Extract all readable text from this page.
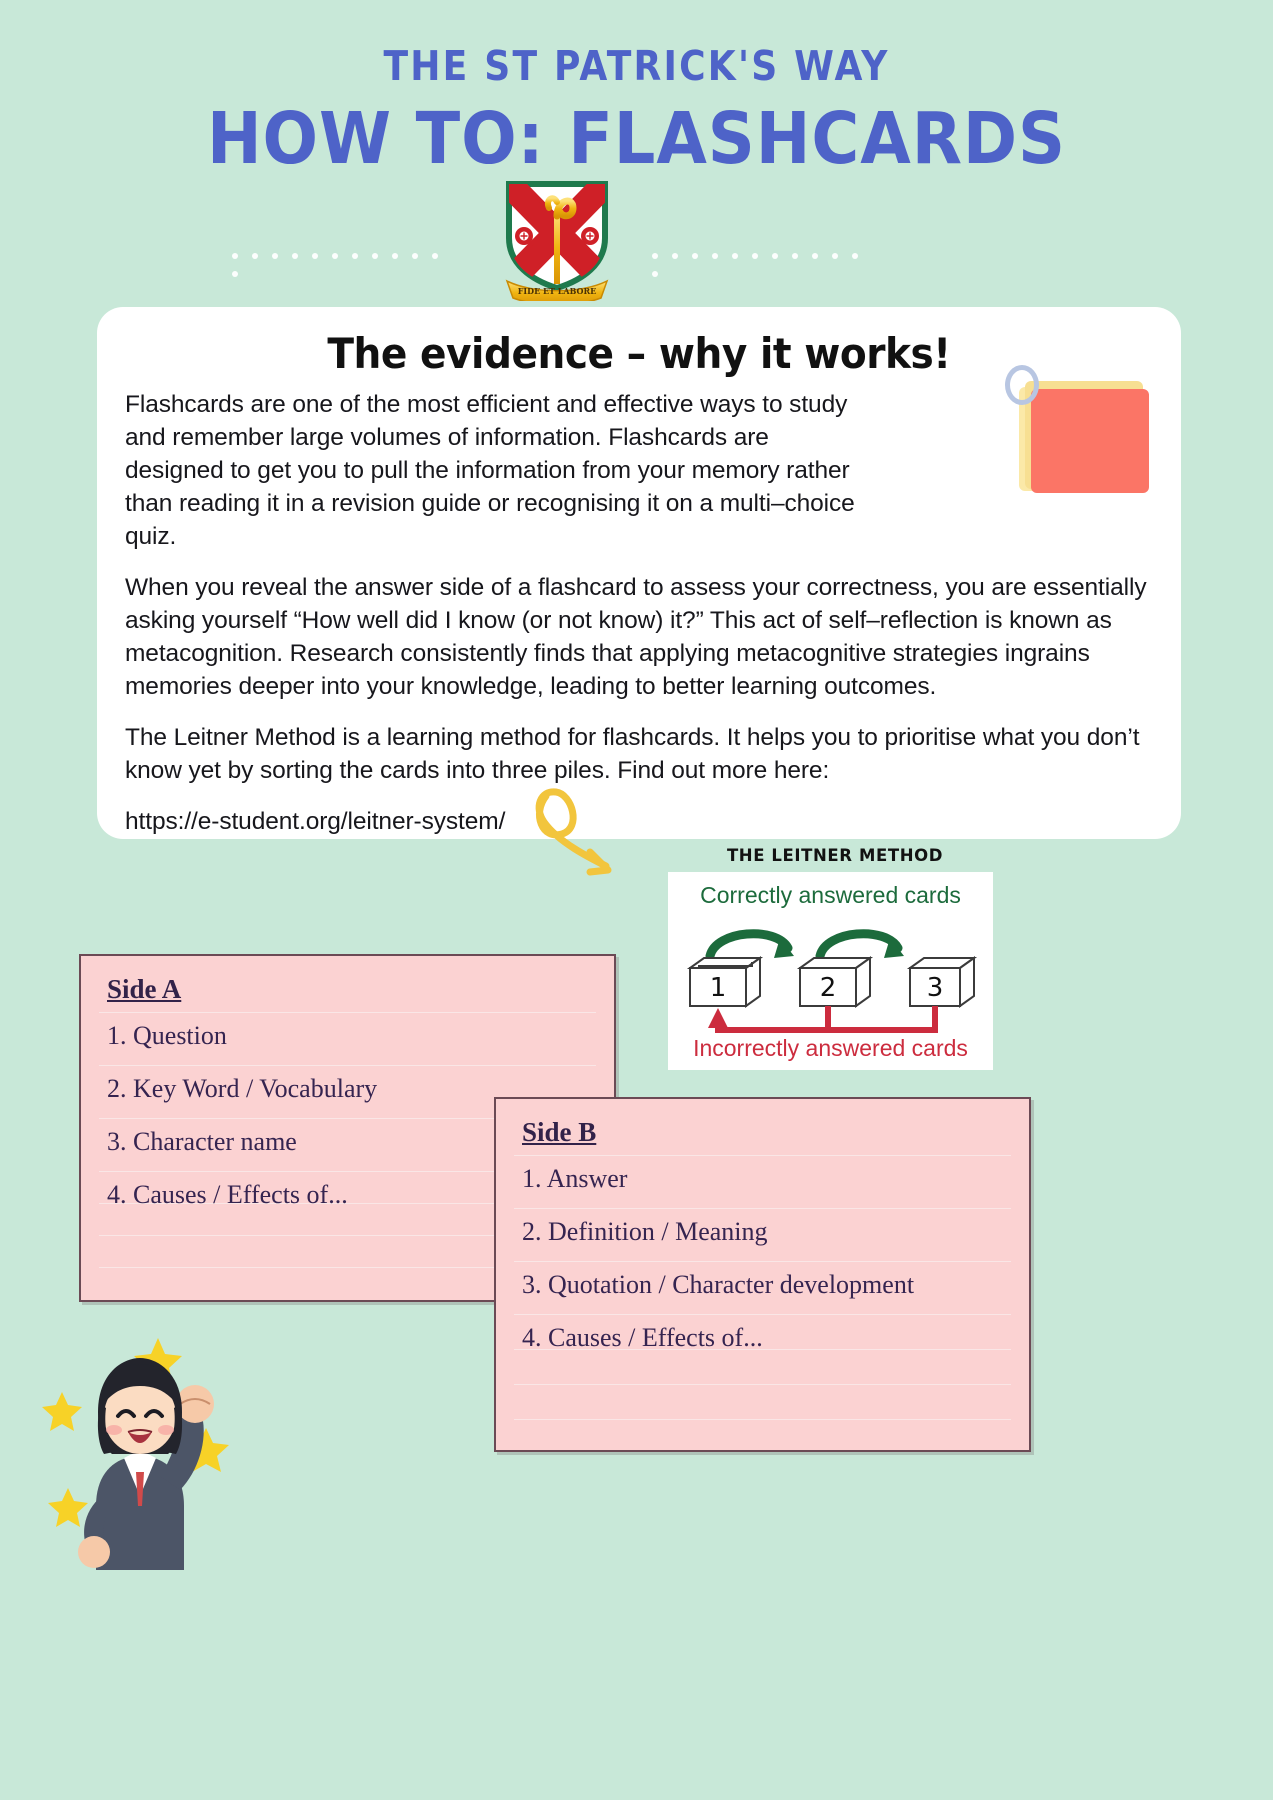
THE ST PATRICK'S WAY
HOW TO: FLASHCARDS
FIDE ET LABORE
The evidence – why it works!

Flashcards are one of the most efficient and effective ways to study and remember large volumes of information. Flashcards are designed to get you to pull the information from your memory rather than reading it in a revision guide or recognising it on a multi–choice quiz.

When you reveal the answer side of a flashcard to assess your correctness, you are essentially asking yourself “How well did I know (or not know) it?” This act of self–reflection is known as metacognition. Research consistently finds that applying metacognitive strategies ingrains memories deeper into your knowledge, leading to better learning outcomes.

The Leitner Method is a learning method for flashcards. It helps you to prioritise what you don’t know yet by sorting the cards into three piles. Find out more here:

https://e-student.org/leitner-system/

THE LEITNER METHOD
Correctly answered cards
Incorrectly answered cards
1	2	3
Side A
1. Question
2. Key Word / Vocabulary
3. Character name
4. Causes / Effects of...
Side B
1. Answer
2. Definition / Meaning
3. Quotation / Character development
4. Causes / Effects of...
